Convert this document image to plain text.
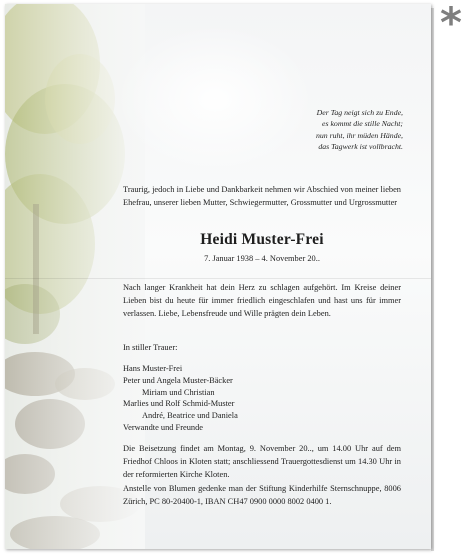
Der Tag neigt sich zu Ende,
es kommt die stille Nacht;
nun ruht, ihr müden Hände,
das Tagwerk ist vollbracht.
Traurig, jedoch in Liebe und Dankbarkeit nehmen wir Abschied von meiner lieben Ehefrau, unserer lieben Mutter, Schwiegermutter, Grossmutter und Urgrossmutter
Heidi Muster-Frei
7. Januar 1938 – 4. November 20..
Nach langer Krankheit hat dein Herz zu schlagen aufgehört. Im Kreise deiner Lieben bist du heute für immer friedlich eingeschlafen und hast uns für immer verlassen. Liebe, Lebensfreude und Wille prägten dein Leben.
In stiller Trauer:
Hans Muster-Frei
Peter und Angela Muster-Bäcker
Miriam und Christian
Marlies und Rolf Schmid-Muster
André, Beatrice und Daniela
Verwandte und Freunde
Die Beisetzung findet am Montag, 9. November 20.., um 14.00 Uhr auf dem Friedhof Chloos in Kloten statt; anschliessend Trauergottesdienst um 14.30 Uhr in der reformierten Kirche Kloten.
Anstelle von Blumen gedenke man der Stiftung Kinderhilfe Sternschnuppe, 8006 Zürich, PC 80-20400-1, IBAN CH47 0900 0000 8002 0400 1.
*
